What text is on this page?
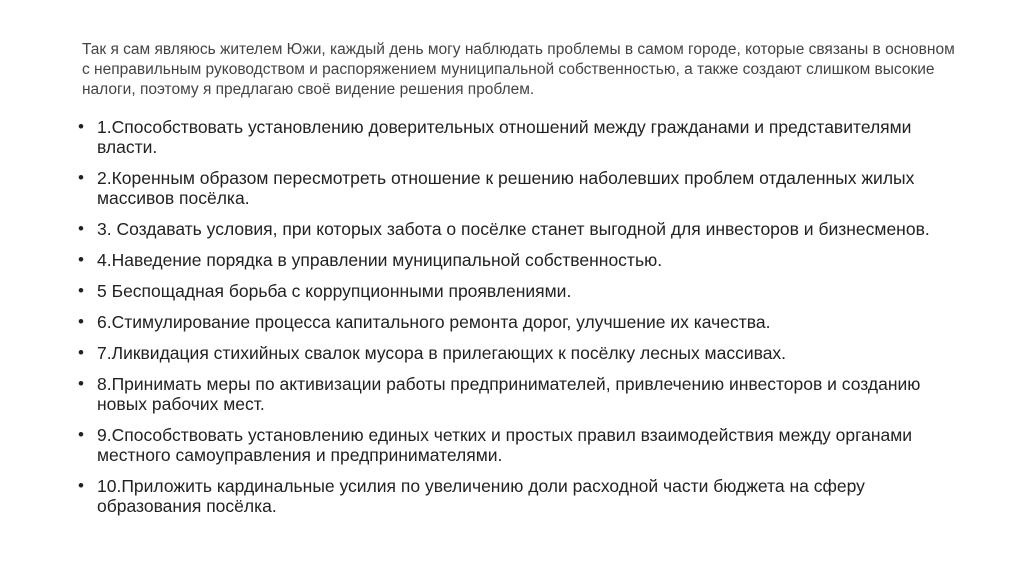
Так я сам являюсь жителем Южи, каждый день могу наблюдать проблемы в самом городе, которые связаны в основном с неправильным руководством и распоряжением муниципальной собственностью, а также создают слишком высокие налоги, поэтому я предлагаю своё видение решения проблем.

• 1.Способствовать установлению доверительных отношений между гражданами и представителями власти.
• 2.Коренным образом пересмотреть отношение к решению наболевших проблем отдаленных жилых массивов посёлка.
• 3. Создавать условия, при которых забота о посёлке станет выгодной для инвесторов и бизнесменов.
• 4.Наведение порядка в управлении муниципальной собственностью.
• 5 Беспощадная борьба с коррупционными проявлениями.
• 6.Стимулирование процесса капитального ремонта дорог, улучшение их качества.
• 7.Ликвидация стихийных свалок мусора в прилегающих к посёлку лесных массивах.
• 8.Принимать меры по активизации работы предпринимателей, привлечению инвесторов и созданию новых рабочих мест.
• 9.Способствовать установлению единых четких и простых правил взаимодействия между органами местного самоуправления и предпринимателями.
• 10.Приложить кардинальные усилия по увеличению доли расходной части бюджета на сферу образования посёлка.
